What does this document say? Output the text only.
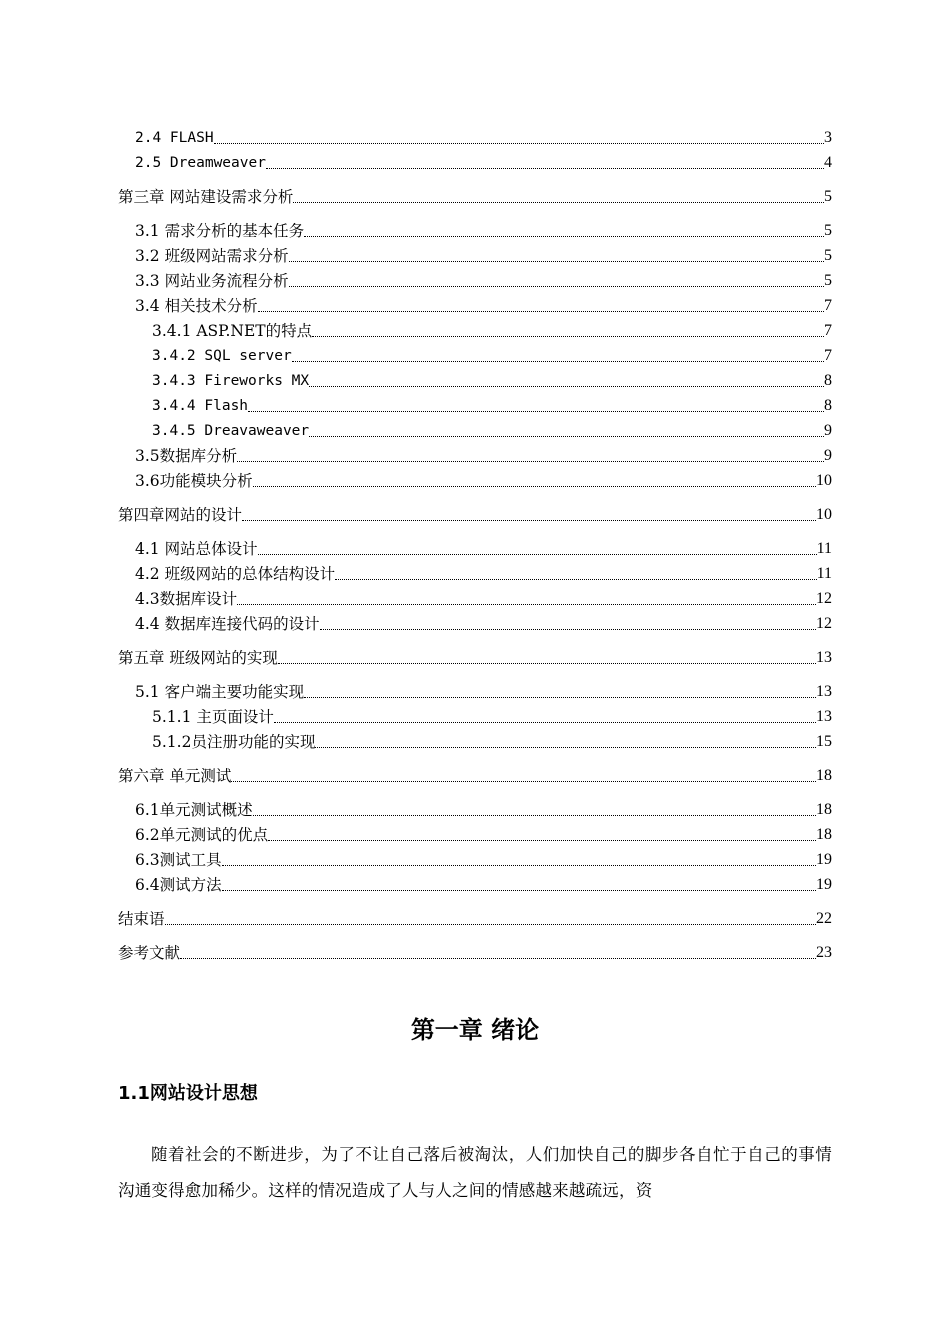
2.4 FLASH	3
2.5 Dreamweaver	4
第三章 网站建设需求分析	5
3.1 需求分析的基本任务	5
3.2 班级网站需求分析	5
3.3 网站业务流程分析	5
3.4 相关技术分析	7
3.4.1 ASP.NET的特点	7
3.4.2 SQL server	7
3.4.3 Fireworks MX	8
3.4.4 Flash	8
3.4.5 Dreavaweaver	9
3.5数据库分析	9
3.6功能模块分析	10
第四章网站的设计	10
4.1 网站总体设计	11
4.2 班级网站的总体结构设计	11
4.3数据库设计	12
4.4 数据库连接代码的设计	12
第五章 班级网站的实现	13
5.1 客户端主要功能实现	13
5.1.1 主页面设计	13
5.1.2员注册功能的实现	15
第六章 单元测试	18
6.1单元测试概述	18
6.2单元测试的优点	18
6.3测试工具	19
6.4测试方法	19
结束语	22
参考文献	23
第一章 绪论
1.1网站设计思想
随着社会的不断进步，为了不让自己落后被淘汰，人们加快自己的脚步各自忙于自己的事情沟通变得愈加稀少。这样的情况造成了人与人之间的情感越来越疏远，资
